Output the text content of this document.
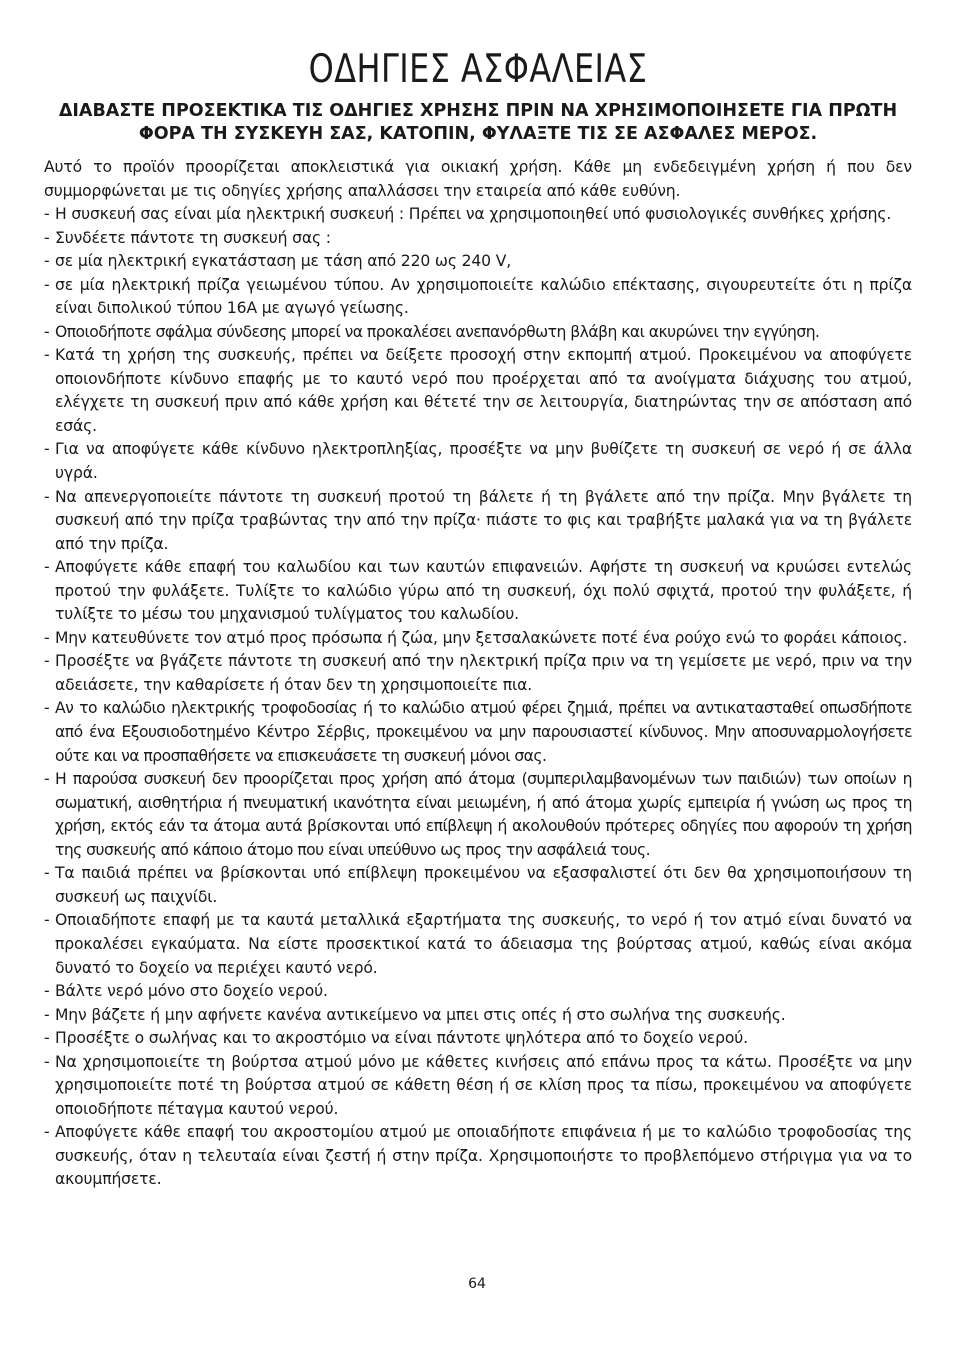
ΟΔΗΓΙΕΣ ΑΣΦΑΛΕΙΑΣ
ΔΙΑΒΑΣΤΕ ΠΡΟΣΕΚΤΙΚΑ ΤΙΣ ΟΔΗΓΙΕΣ ΧΡΗΣΗΣ ΠΡΙΝ ΝΑ ΧΡΗΣΙΜΟΠΟΙΗΣΕΤΕ ΓΙΑ ΠΡΩΤΗ ΦΟΡΑ ΤΗ ΣΥΣΚΕΥΗ ΣΑΣ, ΚΑΤΟΠΙΝ, ΦΥΛΑΞΤΕ ΤΙΣ ΣΕ ΑΣΦΑΛΕΣ ΜΕΡΟΣ.

Αυτό το προϊόν προορίζεται αποκλειστικά για οικιακή χρήση. Κάθε μη ενδεδειγμένη χρήση ή που δεν συμμορφώνεται με τις οδηγίες χρήσης απαλλάσσει την εταιρεία από κάθε ευθύνη.

- Η συσκευή σας είναι μία ηλεκτρική συσκευή : Πρέπει να χρησιμοποιηθεί υπό φυσιολογικές συνθήκες χρήσης.
- Συνδέετε πάντοτε τη συσκευή σας :
- σε μία ηλεκτρική εγκατάσταση με τάση από 220 ως 240 V,
- σε μία ηλεκτρική πρίζα γειωμένου τύπου. Αν χρησιμοποιείτε καλώδιο επέκτασης, σιγουρευτείτε ότι η πρίζα είναι διπολικού τύπου 16A με αγωγό γείωσης.
- Οποιοδήποτε σφάλμα σύνδεσης μπορεί να προκαλέσει ανεπανόρθωτη βλάβη και ακυρώνει την εγγύηση.
- Κατά τη χρήση της συσκευής, πρέπει να δείξετε προσοχή στην εκπομπή ατμού. Προκειμένου να αποφύγετε οποιονδήποτε κίνδυνο επαφής με το καυτό νερό που προέρχεται από τα ανοίγματα διάχυσης του ατμού, ελέγχετε τη συσκευή πριν από κάθε χρήση και θέτετέ την σε λειτουργία, διατηρώντας την σε απόσταση από εσάς.
- Για να αποφύγετε κάθε κίνδυνο ηλεκτροπληξίας, προσέξτε να μην βυθίζετε τη συσκευή σε νερό ή σε άλλα υγρά.
- Να απενεργοποιείτε πάντοτε τη συσκευή προτού τη βάλετε ή τη βγάλετε από την πρίζα. Μην βγάλετε τη συσκευή από την πρίζα τραβώντας την από την πρίζα· πιάστε το φις και τραβήξτε μαλακά για να τη βγάλετε από την πρίζα.
- Αποφύγετε κάθε επαφή του καλωδίου και των καυτών επιφανειών. Αφήστε τη συσκευή να κρυώσει εντελώς προτού την φυλάξετε. Τυλίξτε το καλώδιο γύρω από τη συσκευή, όχι πολύ σφιχτά, προτού την φυλάξετε, ή τυλίξτε το μέσω του μηχανισμού τυλίγματος του καλωδίου.
- Μην κατευθύνετε τον ατμό προς πρόσωπα ή ζώα, μην ξετσαλακώνετε ποτέ ένα ρούχο ενώ το φοράει κάποιος.
- Προσέξτε να βγάζετε πάντοτε τη συσκευή από την ηλεκτρική πρίζα πριν να τη γεμίσετε με νερό, πριν να την αδειάσετε, την καθαρίσετε ή όταν δεν τη χρησιμοποιείτε πια.
- Αν το καλώδιο ηλεκτρικής τροφοδοσίας ή το καλώδιο ατμού φέρει ζημιά, πρέπει να αντικατασταθεί οπωσδήποτε από ένα Εξουσιοδοτημένο Κέντρο Σέρβις, προκειμένου να μην παρουσιαστεί κίνδυνος. Μην αποσυναρμολογήσετε ούτε και να προσπαθήσετε να επισκευάσετε τη συσκευή μόνοι σας.
- Η παρούσα συσκευή δεν προορίζεται προς χρήση από άτομα (συμπεριλαμβανομένων των παιδιών) των οποίων η σωματική, αισθητήρια ή πνευματική ικανότητα είναι μειωμένη, ή από άτομα χωρίς εμπειρία ή γνώση ως προς τη χρήση, εκτός εάν τα άτομα αυτά βρίσκονται υπό επίβλεψη ή ακολουθούν πρότερες οδηγίες που αφορούν τη χρήση της συσκευής από κάποιο άτομο που είναι υπεύθυνο ως προς την ασφάλειά τους.
- Τα παιδιά πρέπει να βρίσκονται υπό επίβλεψη προκειμένου να εξασφαλιστεί ότι δεν θα χρησιμοποιήσουν τη συσκευή ως παιχνίδι.
- Οποιαδήποτε επαφή με τα καυτά μεταλλικά εξαρτήματα της συσκευής, το νερό ή τον ατμό είναι δυνατό να προκαλέσει εγκαύματα. Να είστε προσεκτικοί κατά το άδειασμα της βούρτσας ατμού, καθώς είναι ακόμα δυνατό το δοχείο να περιέχει καυτό νερό.
- Βάλτε νερό μόνο στο δοχείο νερού.
- Μην βάζετε ή μην αφήνετε κανένα αντικείμενο να μπει στις οπές ή στο σωλήνα της συσκευής.
- Προσέξτε ο σωλήνας και το ακροστόμιο να είναι πάντοτε ψηλότερα από το δοχείο νερού.
- Να χρησιμοποιείτε τη βούρτσα ατμού μόνο με κάθετες κινήσεις από επάνω προς τα κάτω. Προσέξτε να μην χρησιμοποιείτε ποτέ τη βούρτσα ατμού σε κάθετη θέση ή σε κλίση προς τα πίσω, προκειμένου να αποφύγετε οποιοδήποτε πέταγμα καυτού νερού.
- Αποφύγετε κάθε επαφή του ακροστομίου ατμού με οποιαδήποτε επιφάνεια ή με το καλώδιο τροφοδοσίας της συσκευής, όταν η τελευταία είναι ζεστή ή στην πρίζα. Χρησιμοποιήστε το προβλεπόμενο στήριγμα για να το ακουμπήσετε.
64
